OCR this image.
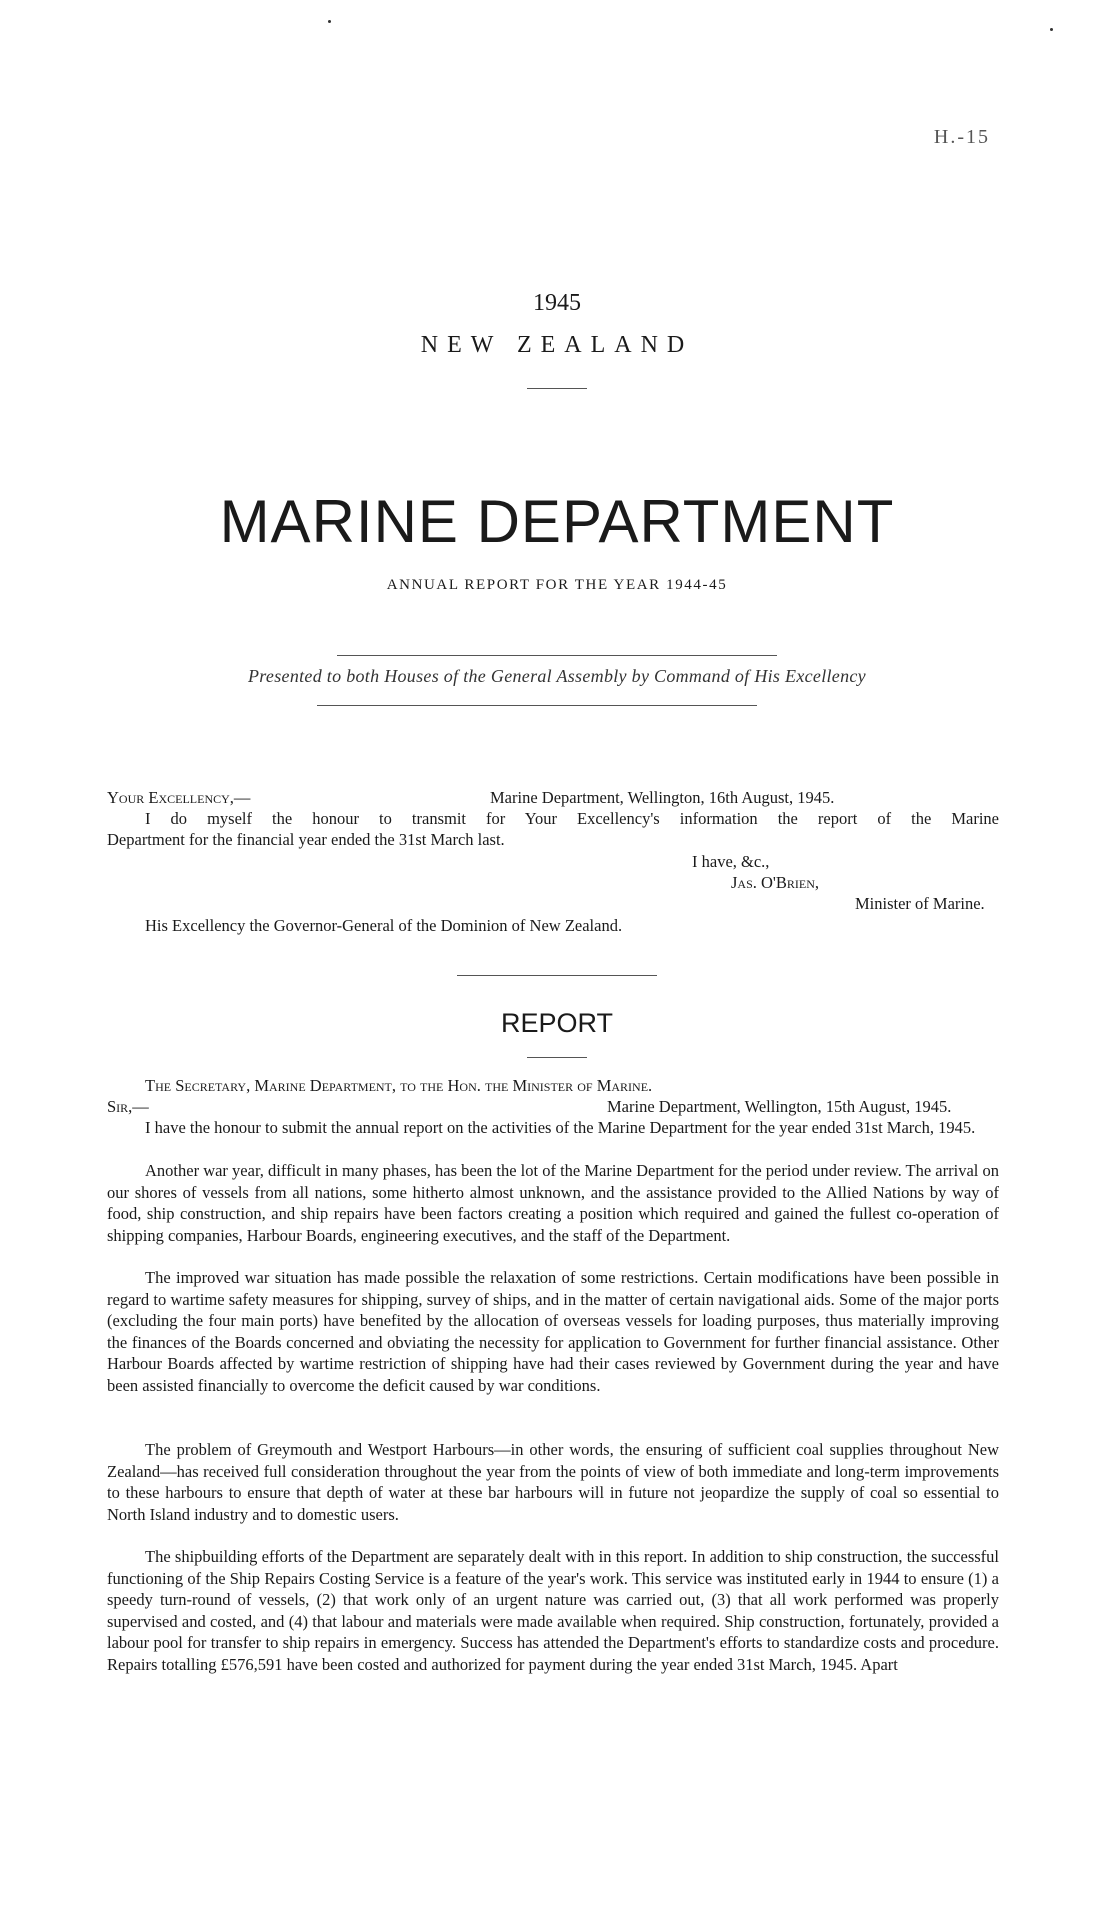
H.-15
1945
NEW ZEALAND
MARINE DEPARTMENT
ANNUAL REPORT FOR THE YEAR 1944-45
Presented to both Houses of the General Assembly by Command of His Excellency
Your Excellency,—	Marine Department, Wellington, 16th August, 1945.
I do myself the honour to transmit for Your Excellency's information the report of the Marine
Department for the financial year ended the 31st March last.
I have, &c.,
Jas. O'Brien,
Minister of Marine.
His Excellency the Governor-General of the Dominion of New Zealand.
REPORT
The Secretary, Marine Department, to the Hon. the Minister of Marine.
Sir,—	Marine Department, Wellington, 15th August, 1945.

I have the honour to submit the annual report on the activities of the Marine Department for the year ended 31st March, 1945.

Another war year, difficult in many phases, has been the lot of the Marine Department for the period under review. The arrival on our shores of vessels from all nations, some hitherto almost unknown, and the assistance provided to the Allied Nations by way of food, ship construction, and ship repairs have been factors creating a position which required and gained the fullest co-operation of shipping companies, Harbour Boards, engineering executives, and the staff of the Department.

The improved war situation has made possible the relaxation of some restrictions. Certain modifications have been possible in regard to wartime safety measures for shipping, survey of ships, and in the matter of certain navigational aids. Some of the major ports (excluding the four main ports) have benefited by the allocation of overseas vessels for loading purposes, thus materially improving the finances of the Boards concerned and obviating the necessity for application to Government for further financial assistance. Other Harbour Boards affected by wartime restriction of shipping have had their cases reviewed by Government during the year and have been assisted financially to overcome the deficit caused by war conditions.

The problem of Greymouth and Westport Harbours—in other words, the ensuring of sufficient coal supplies throughout New Zealand—has received full consideration throughout the year from the points of view of both immediate and long-term improvements to these harbours to ensure that depth of water at these bar harbours will in future not jeopardize the supply of coal so essential to North Island industry and to domestic users.

The shipbuilding efforts of the Department are separately dealt with in this report. In addition to ship construction, the successful functioning of the Ship Repairs Costing Service is a feature of the year's work. This service was instituted early in 1944 to ensure (1) a speedy turn-round of vessels, (2) that work only of an urgent nature was carried out, (3) that all work performed was properly supervised and costed, and (4) that labour and materials were made available when required. Ship construction, fortunately, provided a labour pool for transfer to ship repairs in emergency. Success has attended the Department's efforts to standardize costs and procedure. Repairs totalling £576,591 have been costed and authorized for payment during the year ended 31st March, 1945. Apart
